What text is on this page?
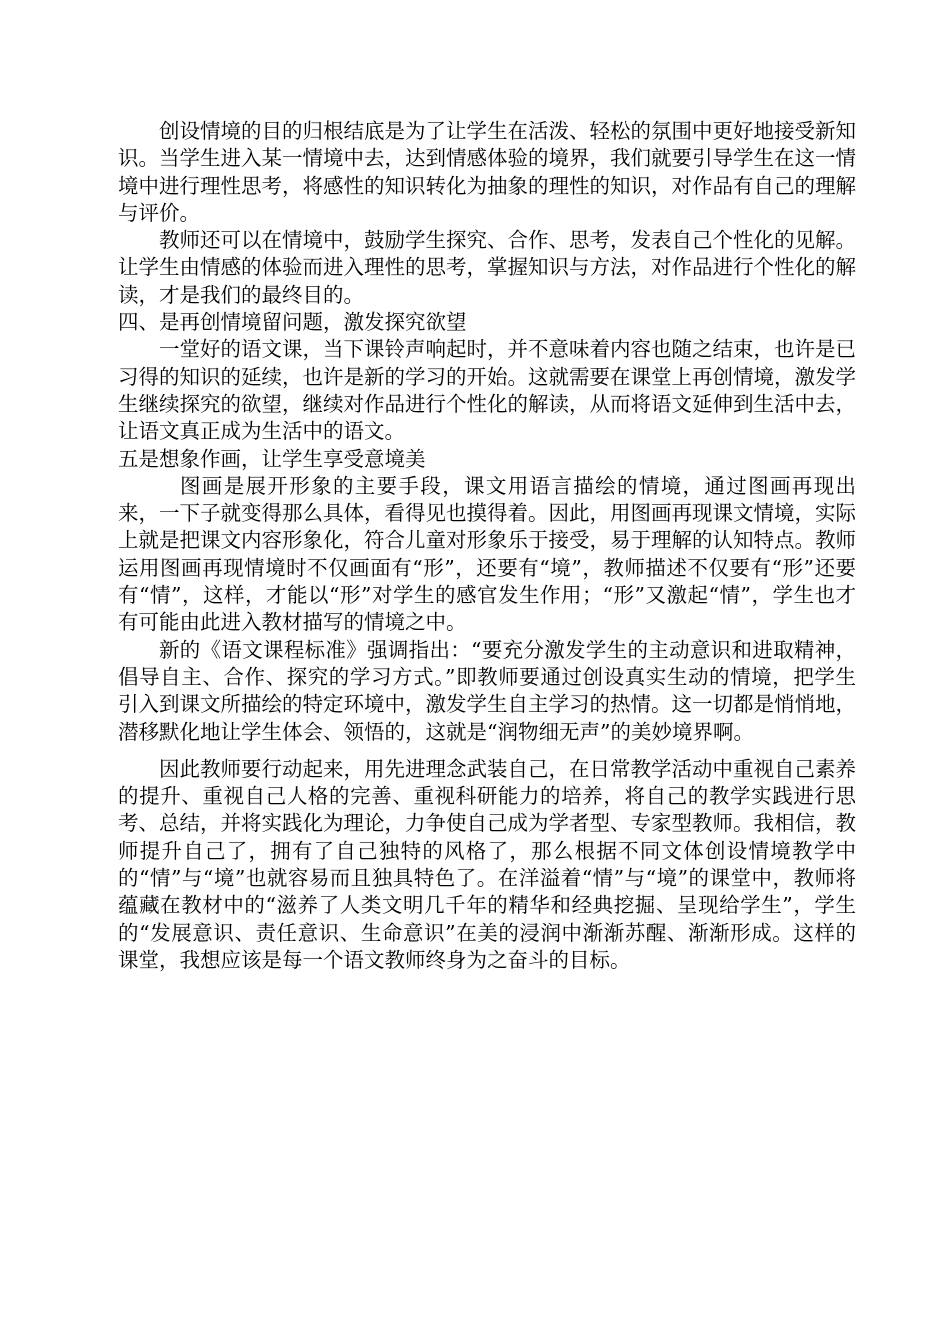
创设情境的目的归根结底是为了让学生在活泼、轻松的氛围中更好地接受新知识。当学生进入某一情境中去，达到情感体验的境界，我们就要引导学生在这一情境中进行理性思考，将感性的知识转化为抽象的理性的知识，对作品有自己的理解与评价。

教师还可以在情境中，鼓励学生探究、合作、思考，发表自己个性化的见解。让学生由情感的体验而进入理性的思考，掌握知识与方法，对作品进行个性化的解读，才是我们的最终目的。

四、是再创情境留问题，激发探究欲望

一堂好的语文课，当下课铃声响起时，并不意味着内容也随之结束，也许是已习得的知识的延续，也许是新的学习的开始。这就需要在课堂上再创情境，激发学生继续探究的欲望，继续对作品进行个性化的解读，从而将语文延伸到生活中去，让语文真正成为生活中的语文。

五是想象作画，让学生享受意境美

图画是展开形象的主要手段，课文用语言描绘的情境，通过图画再现出来，一下子就变得那么具体，看得见也摸得着。因此，用图画再现课文情境，实际上就是把课文内容形象化，符合儿童对形象乐于接受，易于理解的认知特点。教师运用图画再现情境时不仅画面有“形”，还要有“境”，教师描述不仅要有“形”还要有“情”，这样，才能以“形”对学生的感官发生作用；“形”又激起“情”，学生也才有可能由此进入教材描写的情境之中。

新的《语文课程标准》强调指出：“要充分激发学生的主动意识和进取精神，倡导自主、合作、探究的学习方式。”即教师要通过创设真实生动的情境，把学生引入到课文所描绘的特定环境中，激发学生自主学习的热情。这一切都是悄悄地，潜移默化地让学生体会、领悟的，这就是“润物细无声”的美妙境界啊。

因此教师要行动起来，用先进理念武装自己，在日常教学活动中重视自己素养的提升、重视自己人格的完善、重视科研能力的培养，将自己的教学实践进行思考、总结，并将实践化为理论，力争使自己成为学者型、专家型教师。我相信，教师提升自己了，拥有了自己独特的风格了，那么根据不同文体创设情境教学中的“情”与“境”也就容易而且独具特色了。在洋溢着“情”与“境”的课堂中，教师将蕴藏在教材中的“滋养了人类文明几千年的精华和经典挖掘、呈现给学生”，学生的“发展意识、责任意识、生命意识”在美的浸润中渐渐苏醒、渐渐形成。这样的课堂，我想应该是每一个语文教师终身为之奋斗的目标。
